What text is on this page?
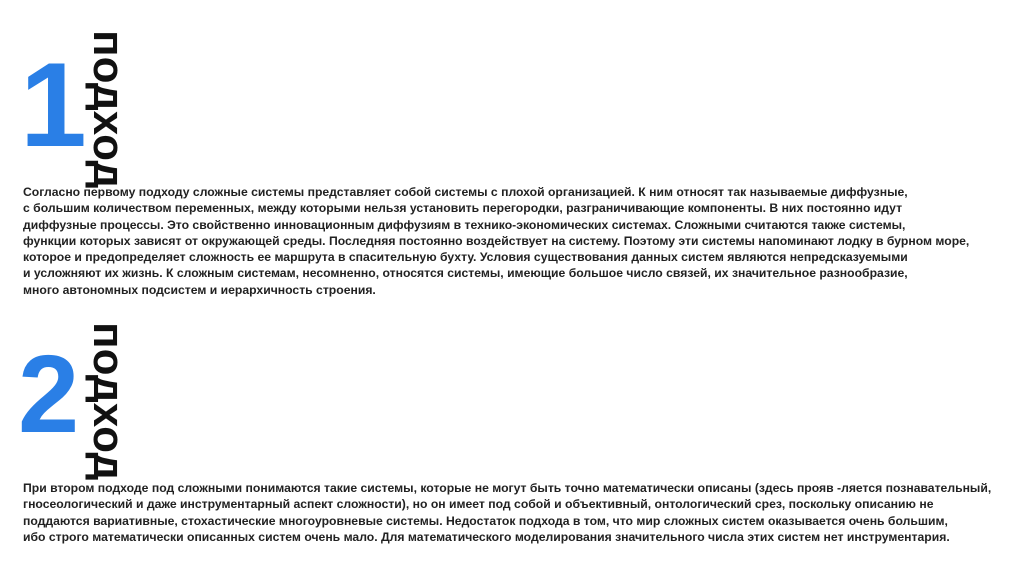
1 подход
Согласно первому подходу сложные системы представляет собой системы с плохой организацией. К ним относят так называемые диффузные,
с большим количеством переменных, между которыми нельзя установить перегородки, разграничивающие компоненты. В них постоянно идут
диффузные процессы. Это свойственно инновационным диффузиям в технико-экономических системах. Сложными считаются также системы,
функции которых зависят от окружающей среды. Последняя постоянно воздействует на систему. Поэтому эти системы напоминают лодку в бурном море,
которое и предопределяет сложность ее маршрута в спасительную бухту. Условия существования данных систем являются непредсказуемыми
и усложняют их жизнь. К сложным системам, несомненно, относятся системы, имеющие большое число связей, их значительное разнообразие,
много автономных подсистем и иерархичность строения.
2 подход
При втором подходе под сложными понимаются такие системы, которые не могут быть точно математически описаны (здесь прояв -ляется познавательный,
гносеологический и даже инструментарный аспект сложности), но он имеет под собой и объективный, онтологический срез, поскольку описанию не
поддаются вариативные, стохастические многоуровневые системы. Недостаток подхода в том, что мир сложных систем оказывается очень большим,
ибо строго математически описанных систем очень мало. Для математического моделирования значительного числа этих систем нет инструментария.
